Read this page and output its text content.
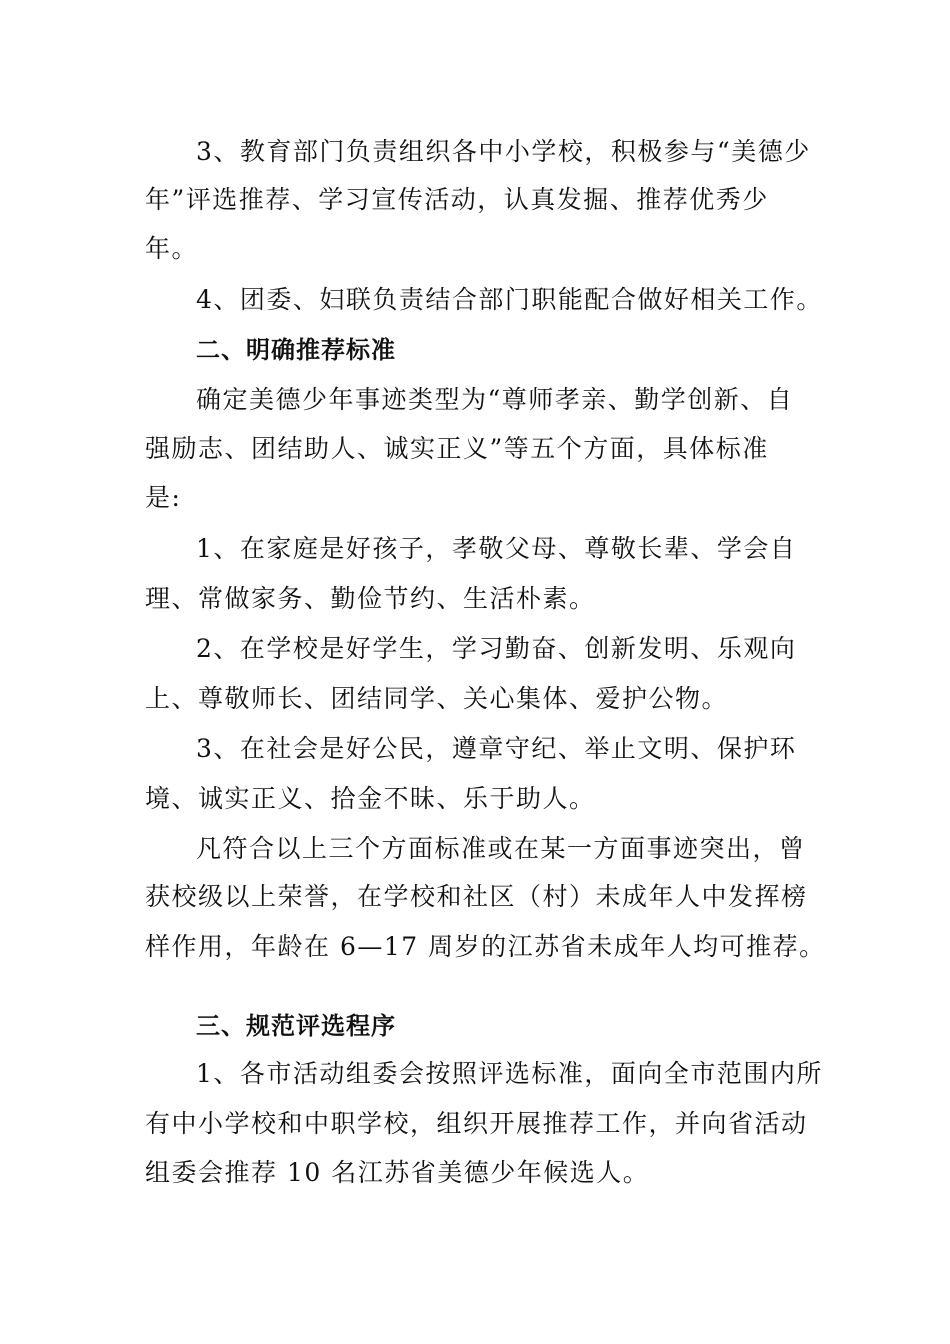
3、教育部门负责组织各中小学校，积极参与“美德少
年”评选推荐、学习宣传活动，认真发掘、推荐优秀少
年。
4、团委、妇联负责结合部门职能配合做好相关工作。
二、明确推荐标准
确定美德少年事迹类型为“尊师孝亲、勤学创新、自
强励志、团结助人、诚实正义”等五个方面，具体标准
是:
1、在家庭是好孩子，孝敬父母、尊敬长辈、学会自
理、常做家务、勤俭节约、生活朴素。
2、在学校是好学生，学习勤奋、创新发明、乐观向
上、尊敬师长、团结同学、关心集体、爱护公物。
3、在社会是好公民，遵章守纪、举止文明、保护环
境、诚实正义、拾金不昧、乐于助人。
凡符合以上三个方面标准或在某一方面事迹突出，曾
获校级以上荣誉，在学校和社区（村）未成年人中发挥榜
样作用，年龄在 6—17 周岁的江苏省未成年人均可推荐。
三、规范评选程序
1、各市活动组委会按照评选标准，面向全市范围内所
有中小学校和中职学校，组织开展推荐工作，并向省活动
组委会推荐 10 名江苏省美德少年候选人。
